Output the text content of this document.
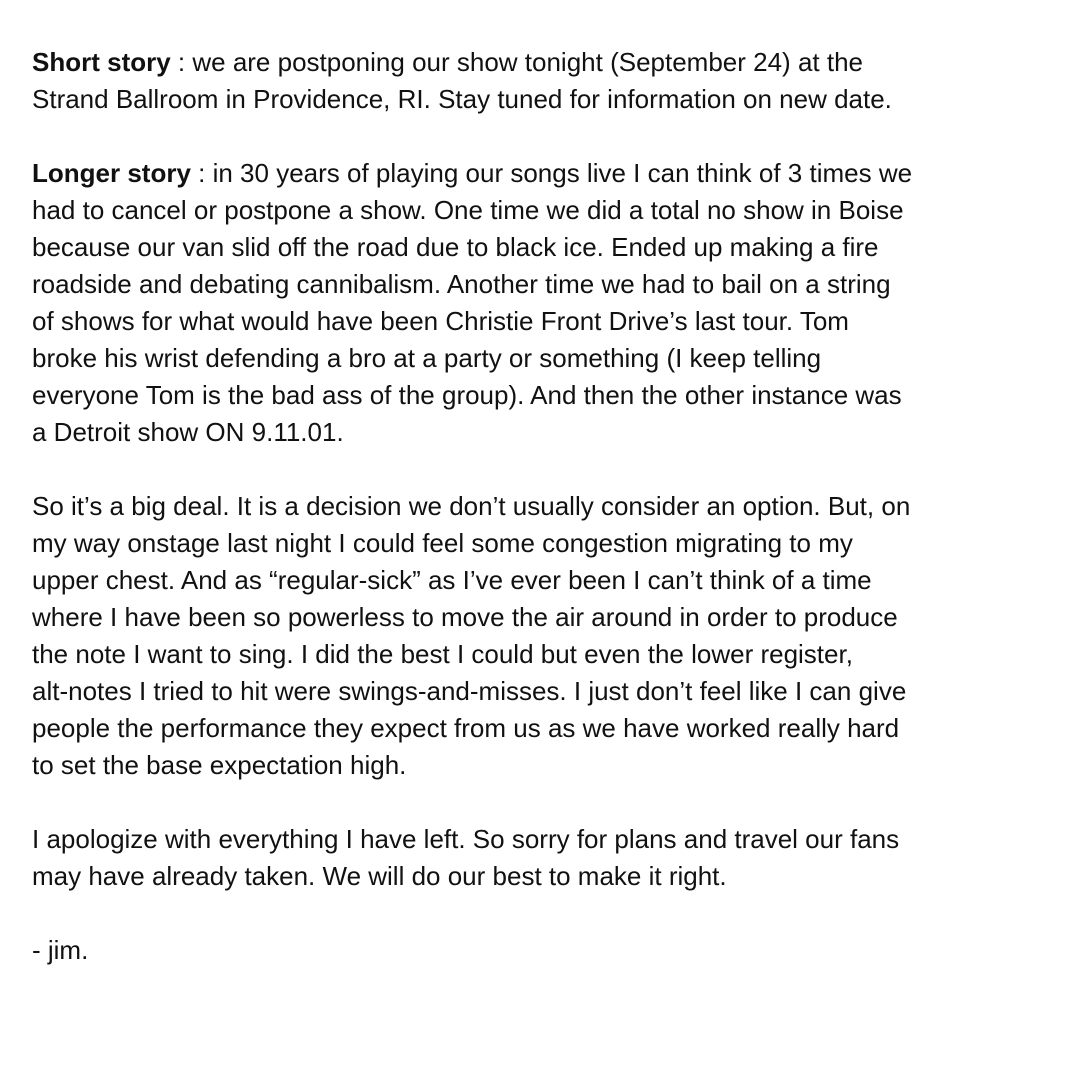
Short story : we are postponing our show tonight (September 24) at the
Strand Ballroom in Providence, RI. Stay tuned for information on new date.

Longer story : in 30 years of playing our songs live I can think of 3 times we
had to cancel or postpone a show. One time we did a total no show in Boise
because our van slid off the road due to black ice. Ended up making a fire
roadside and debating cannibalism. Another time we had to bail on a string
of shows for what would have been Christie Front Drive’s last tour. Tom
broke his wrist defending a bro at a party or something (I keep telling
everyone Tom is the bad ass of the group). And then the other instance was
a Detroit show ON 9.11.01.

So it’s a big deal. It is a decision we don’t usually consider an option. But, on
my way onstage last night I could feel some congestion migrating to my
upper chest. And as “regular-sick” as I’ve ever been I can’t think of a time
where I have been so powerless to move the air around in order to produce
the note I want to sing. I did the best I could but even the lower register,
alt-notes I tried to hit were swings-and-misses. I just don’t feel like I can give
people the performance they expect from us as we have worked really hard
to set the base expectation high.

I apologize with everything I have left. So sorry for plans and travel our fans
may have already taken. We will do our best to make it right.

- jim.
